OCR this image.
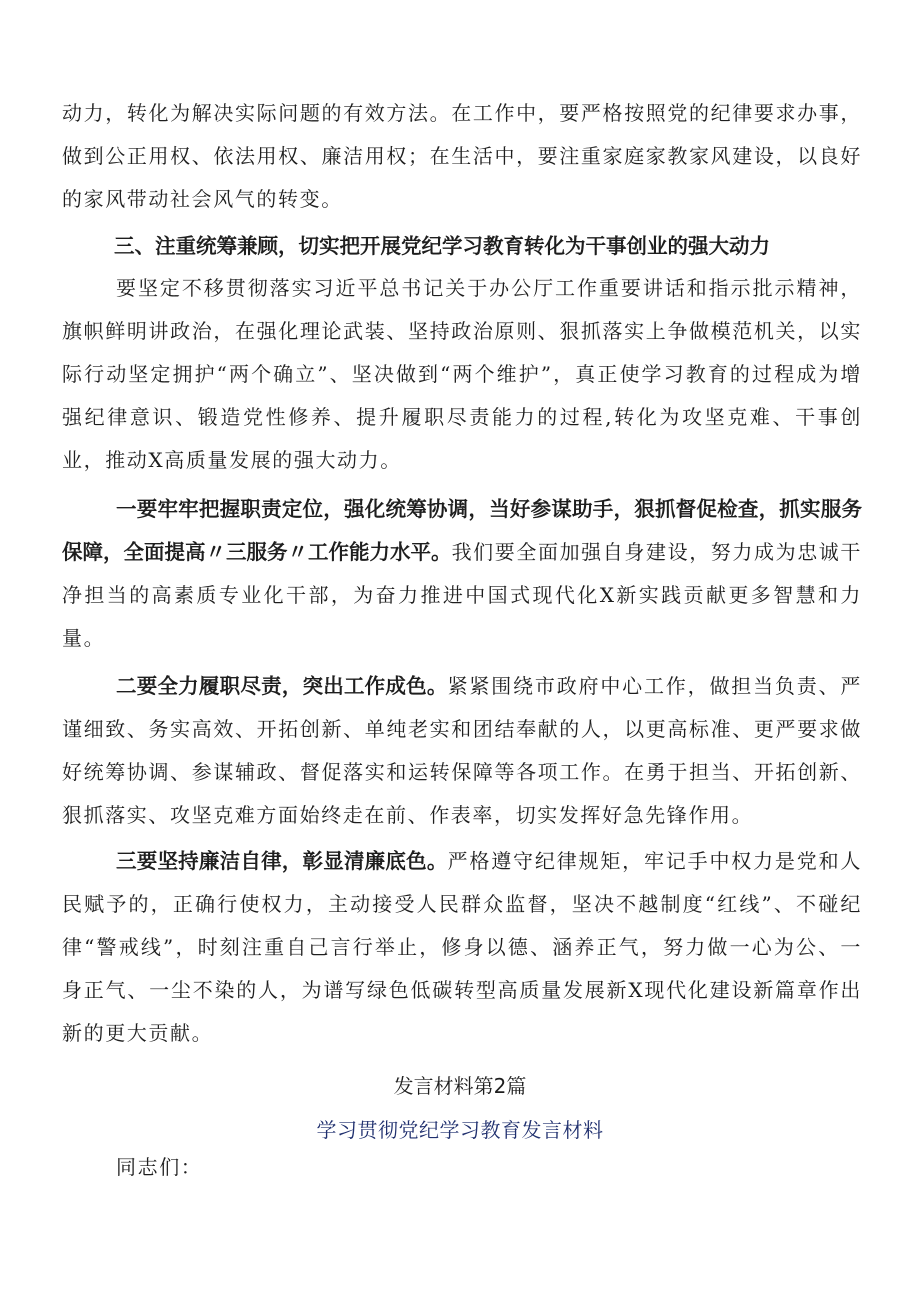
动力，转化为解决实际问题的有效方法。在工作中，要严格按照党的纪律要求办事，做到公正用权、依法用权、廉洁用权；在生活中，要注重家庭家教家风建设，以良好的家风带动社会风气的转变。

三、注重统筹兼顾，切实把开展党纪学习教育转化为干事创业的强大动力

要坚定不移贯彻落实习近平总书记关于办公厅工作重要讲话和指示批示精神，旗帜鲜明讲政治，在强化理论武装、坚持政治原则、狠抓落实上争做模范机关，以实际行动坚定拥护“两个确立”、坚决做到“两个维护”，真正使学习教育的过程成为增强纪律意识、锻造党性修养、提升履职尽责能力的过程,转化为攻坚克难、干事创业，推动X高质量发展的强大动力。

一要牢牢把握职责定位，强化统筹协调，当好参谋助手，狠抓督促检查，抓实服务保障，全面提高〃三服务〃工作能力水平。我们要全面加强自身建设，努力成为忠诚干净担当的高素质专业化干部，为奋力推进中国式现代化X新实践贡献更多智慧和力量。

二要全力履职尽责，突出工作成色。紧紧围绕市政府中心工作，做担当负责、严谨细致、务实高效、开拓创新、单纯老实和团结奉献的人，以更高标准、更严要求做好统筹协调、参谋辅政、督促落实和运转保障等各项工作。在勇于担当、开拓创新、狠抓落实、攻坚克难方面始终走在前、作表率，切实发挥好急先锋作用。

三要坚持廉洁自律，彰显清廉底色。严格遵守纪律规矩，牢记手中权力是党和人民赋予的，正确行使权力，主动接受人民群众监督，坚决不越制度“红线”、不碰纪律“警戒线”，时刻注重自己言行举止，修身以德、涵养正气，努力做一心为公、一身正气、一尘不染的人，为谱写绿色低碳转型高质量发展新X现代化建设新篇章作出新的更大贡献。

发言材料第2篇

学习贯彻党纪学习教育发言材料

同志们：
